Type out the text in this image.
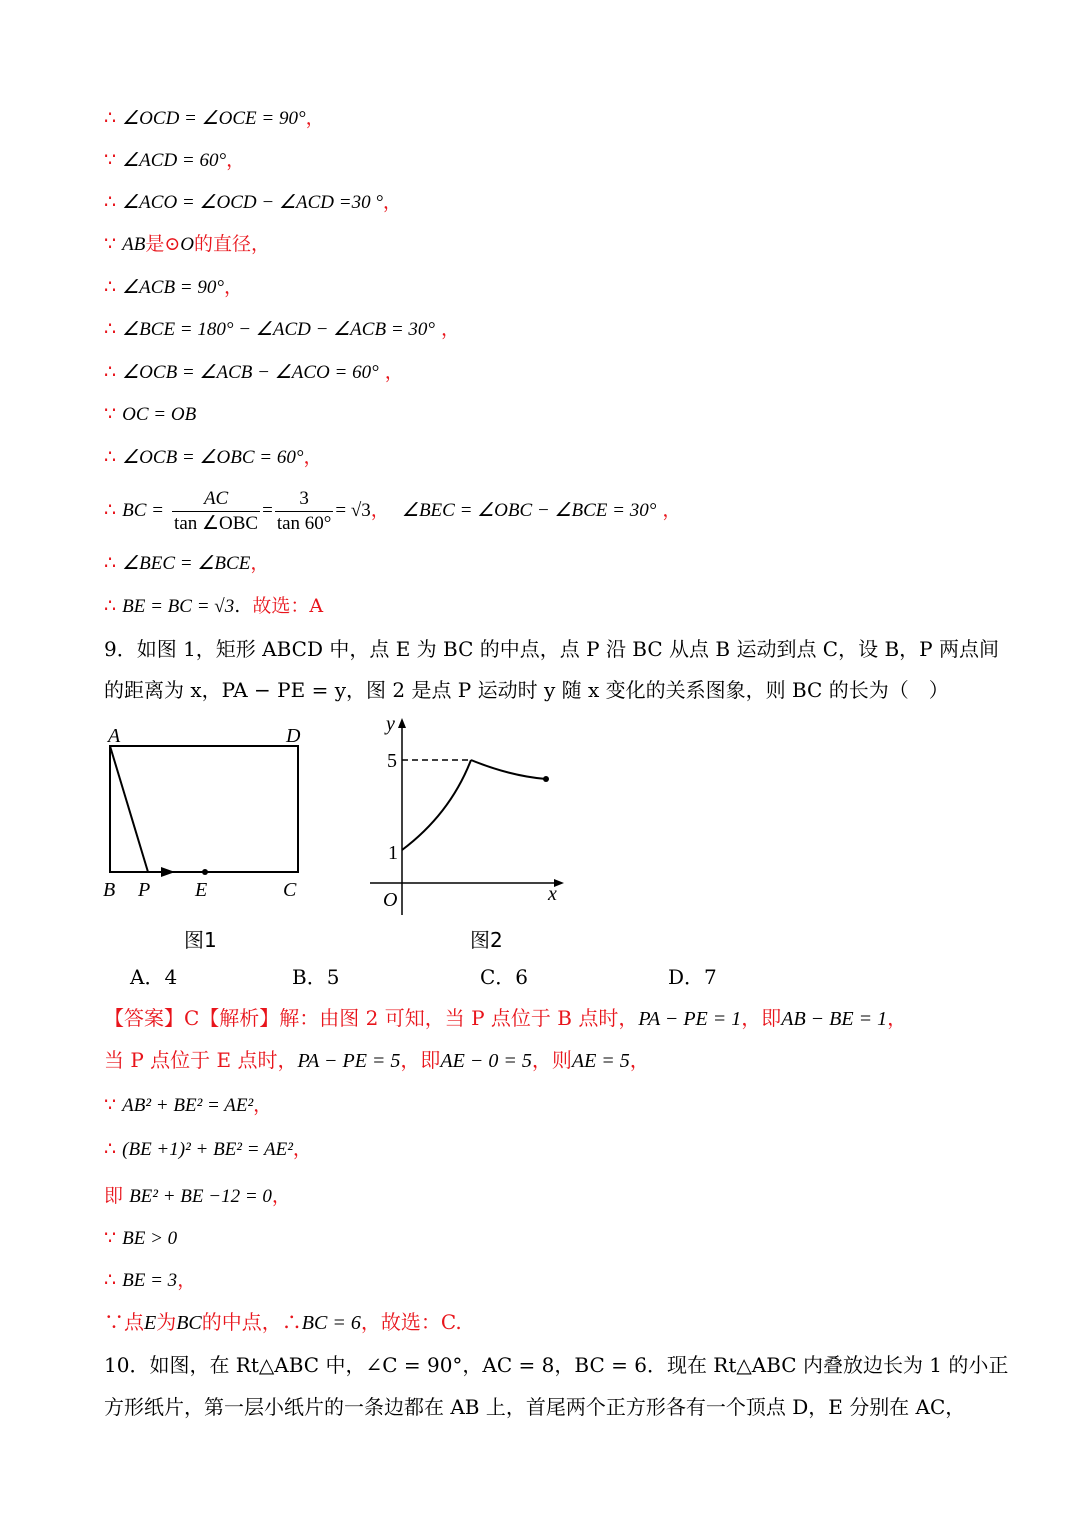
∴ ∠OCD = ∠OCE = 90°，
∵ ∠ACD = 60°，
∴ ∠ACO = ∠OCD − ∠ACD =30 °，
∵ AB是⊙O的直径，
∴ ∠ACB = 90°，
∴ ∠BCE = 180° − ∠ACD − ∠ACB = 30° ，
∴ ∠OCB = ∠ACB − ∠ACO = 60° ，
∵ OC = OB
∴ ∠OCB = ∠OBC = 60°，
∴ BC = $\frac{AC}{\text{tan ∠OBC}} = \frac{3}{\tan 60^\circ} = √3$， ∠BEC = ∠OBC − ∠BCE = 30° ，
∴ ∠BEC = ∠BCE，
∴ BE = BC = √3. 故选：A
9．如图 1，矩形 ABCD 中，点 E 为 BC 的中点，点 P 沿 BC 从点 B 运动到点 C，设 B，P 两点间
的距离为 x，PA − PE = y，图 2 是点 P 运动时 y 随 x 变化的关系图象，则 BC 的长为（　）
A	D
B P E	C
图1
y
x
O
5
1
图2
A．4	B．5	C．6	D．7
【答案】C【解析】解：由图 2 可知，当 P 点位于 B 点时，PA − PE = 1，即AB − BE = 1，
当 P 点位于 E 点时，PA − PE = 5，即AE − 0 = 5，则AE = 5，
∵ AB² + BE² = AE²，
∴ (BE +1)² + BE² = AE²，
即 BE² + BE −12 = 0，
∵ BE > 0
∴ BE = 3，
∵点E为BC的中点，∴BC = 6，故选：C.
10．如图，在 Rt△ABC 中，∠C = 90°，AC = 8，BC = 6．现在 Rt△ABC 内叠放边长为 1 的小正
方形纸片，第一层小纸片的一条边都在 AB 上，首尾两个正方形各有一个顶点 D，E 分别在 AC，
